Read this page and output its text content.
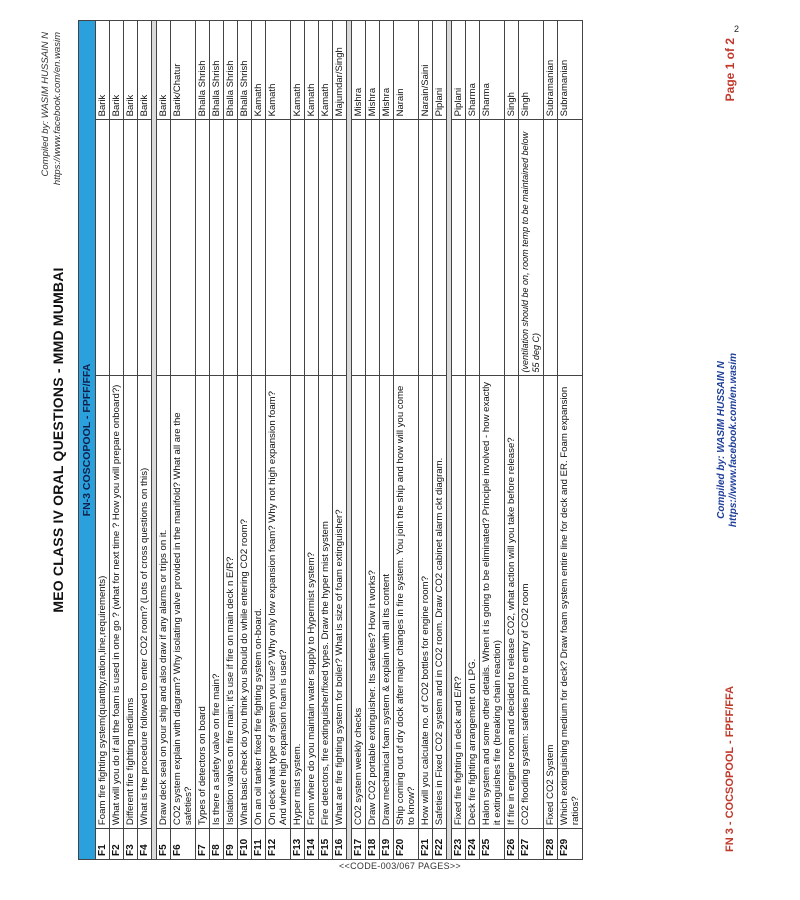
2
Compiled by: WASIM HUSSAIN N https://www.facebook.com/en.wasim
MEO CLASS IV ORAL QUESTIONS - MMD MUMBAI FN-3 COSCOPOOL - FPFF/FFA			
F1	Foam fire fighting system(quantity,ration,line,requirements)		Barik
F2	What will you do if all the foam is used in one go ? (what for next time ? How you will prepare onboard?)		Barik
F3	Different fire fighting mediums		Barik
F4	What is the procedure followed to enter CO2 room? (Lots of cross questions on this)		Barik

F5	Draw deck seal on your ship and also draw if any alarms or trips on it.		Barik
F6	CO2 system explain with diagram? Why isolating valve provided in the manifold? What all are the safeties?		Barik/Chatur
F7	Types of detectors on board		Bhalla Shrish
F8	Is there a safety valve on fire main?		Bhalla Shrish
F9	Isolation valves on fire main; it's use if fire on main deck n E/R?		Bhalla Shrish
F10	What basic check do you think you should do while entering CO2 room?		Bhalla Shrish
F11	On an oil tanker fixed fire fighting system on-board.		Kamath
F12	On deck what type of system you use? Why only low expansion foam? Why not high expansion foam? And where high expansion foam is used?		Kamath
F13	Hyper mist system.		Kamath
F14	From where do you maintain water supply to Hypermist system?		Kamath
F15	Fire detectors, fire extinguisher/fixed types. Draw the hyper mist system		Kamath
F16	What are fire fighting system for boiler? What is size of foam extinguisher?		Majumdar/Singh

F17	CO2 system weekly checks		Mishra
F18	Draw CO2 portable extinguisher. Its safeties? How it works?		Mishra
F19	Draw mechanical foam system & explain with all its content		Mishra
F20	Ship coming out of dry dock after major changes in fire system. You join the ship and how will you come to know?		Narain
F21	How will you calculate no. of CO2 bottles for engine room?		Narain/Saini
F22	Safeties in Fixed CO2 system and in CO2 room. Draw CO2 cabinet alarm ckt diagram.		Piplani

F23	Fixed fire fighting in deck and E/R?		Piplani
F24	Deck fire fighting arrangement on LPG.		Sharma
F25	Halon system and some other details. When it is going to be eliminated? Principle involved - how exactly it extinguishes fire (breaking chain reaction)		Sharma
F26	If fire in engine room and decided to release CO2, what action will you take before release?		Singh
F27	CO2 flooding system: safeties prior to entry of CO2 room	(ventilation should be on, room temp to be maintained below 55 deg C)	Singh
F28	Fixed CO2 System		Subramanian
F29	Which extinguishing medium for deck? Draw foam system entire line for deck and ER. Foam expansion ratios?		Subramanian
FN 3 - COCSOPOOL - FPFF/FFA
Compiled by: WASIM HUSSAIN N https://www.facebook.com/en.wasim
Page 1 of 2
<<CODE-003/067 PAGES>>
